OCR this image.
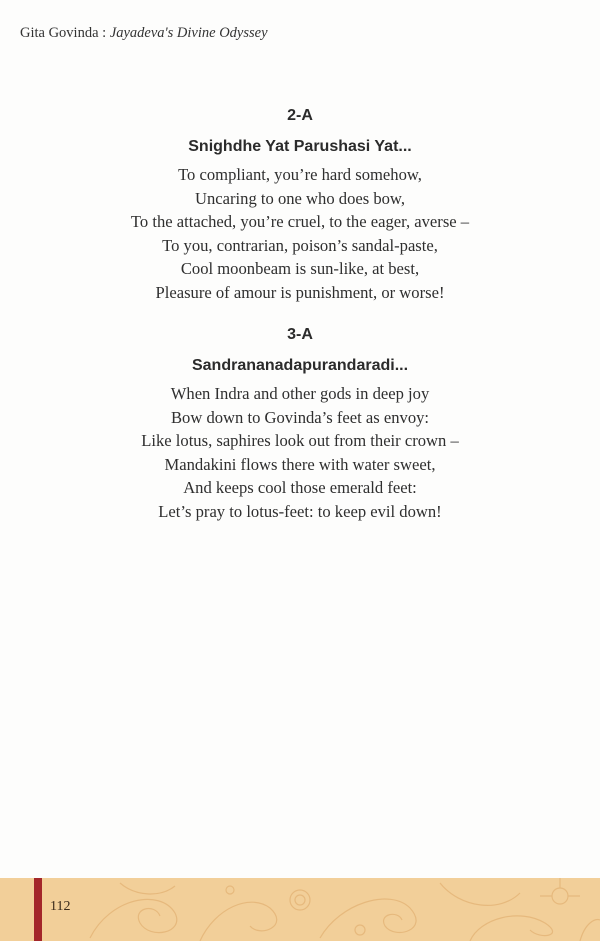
Gita Govinda : Jayadeva's Divine Odyssey
2-A
Snighdhe Yat Parushasi Yat...
To compliant, you’re hard somehow,
Uncaring to one who does bow,
To the attached, you’re cruel, to the eager, averse –
To you, contrarian, poison’s sandal-paste,
Cool moonbeam is sun-like, at best,
Pleasure of amour is punishment, or worse!
3-A
Sandrananadapurandaradi...
When Indra and other gods in deep joy
Bow down to Govinda’s feet as envoy:
Like lotus, saphires look out from their crown –
Mandakini flows there with water sweet,
And keeps cool those emerald feet:
Let’s pray to lotus-feet: to keep evil down!
112
